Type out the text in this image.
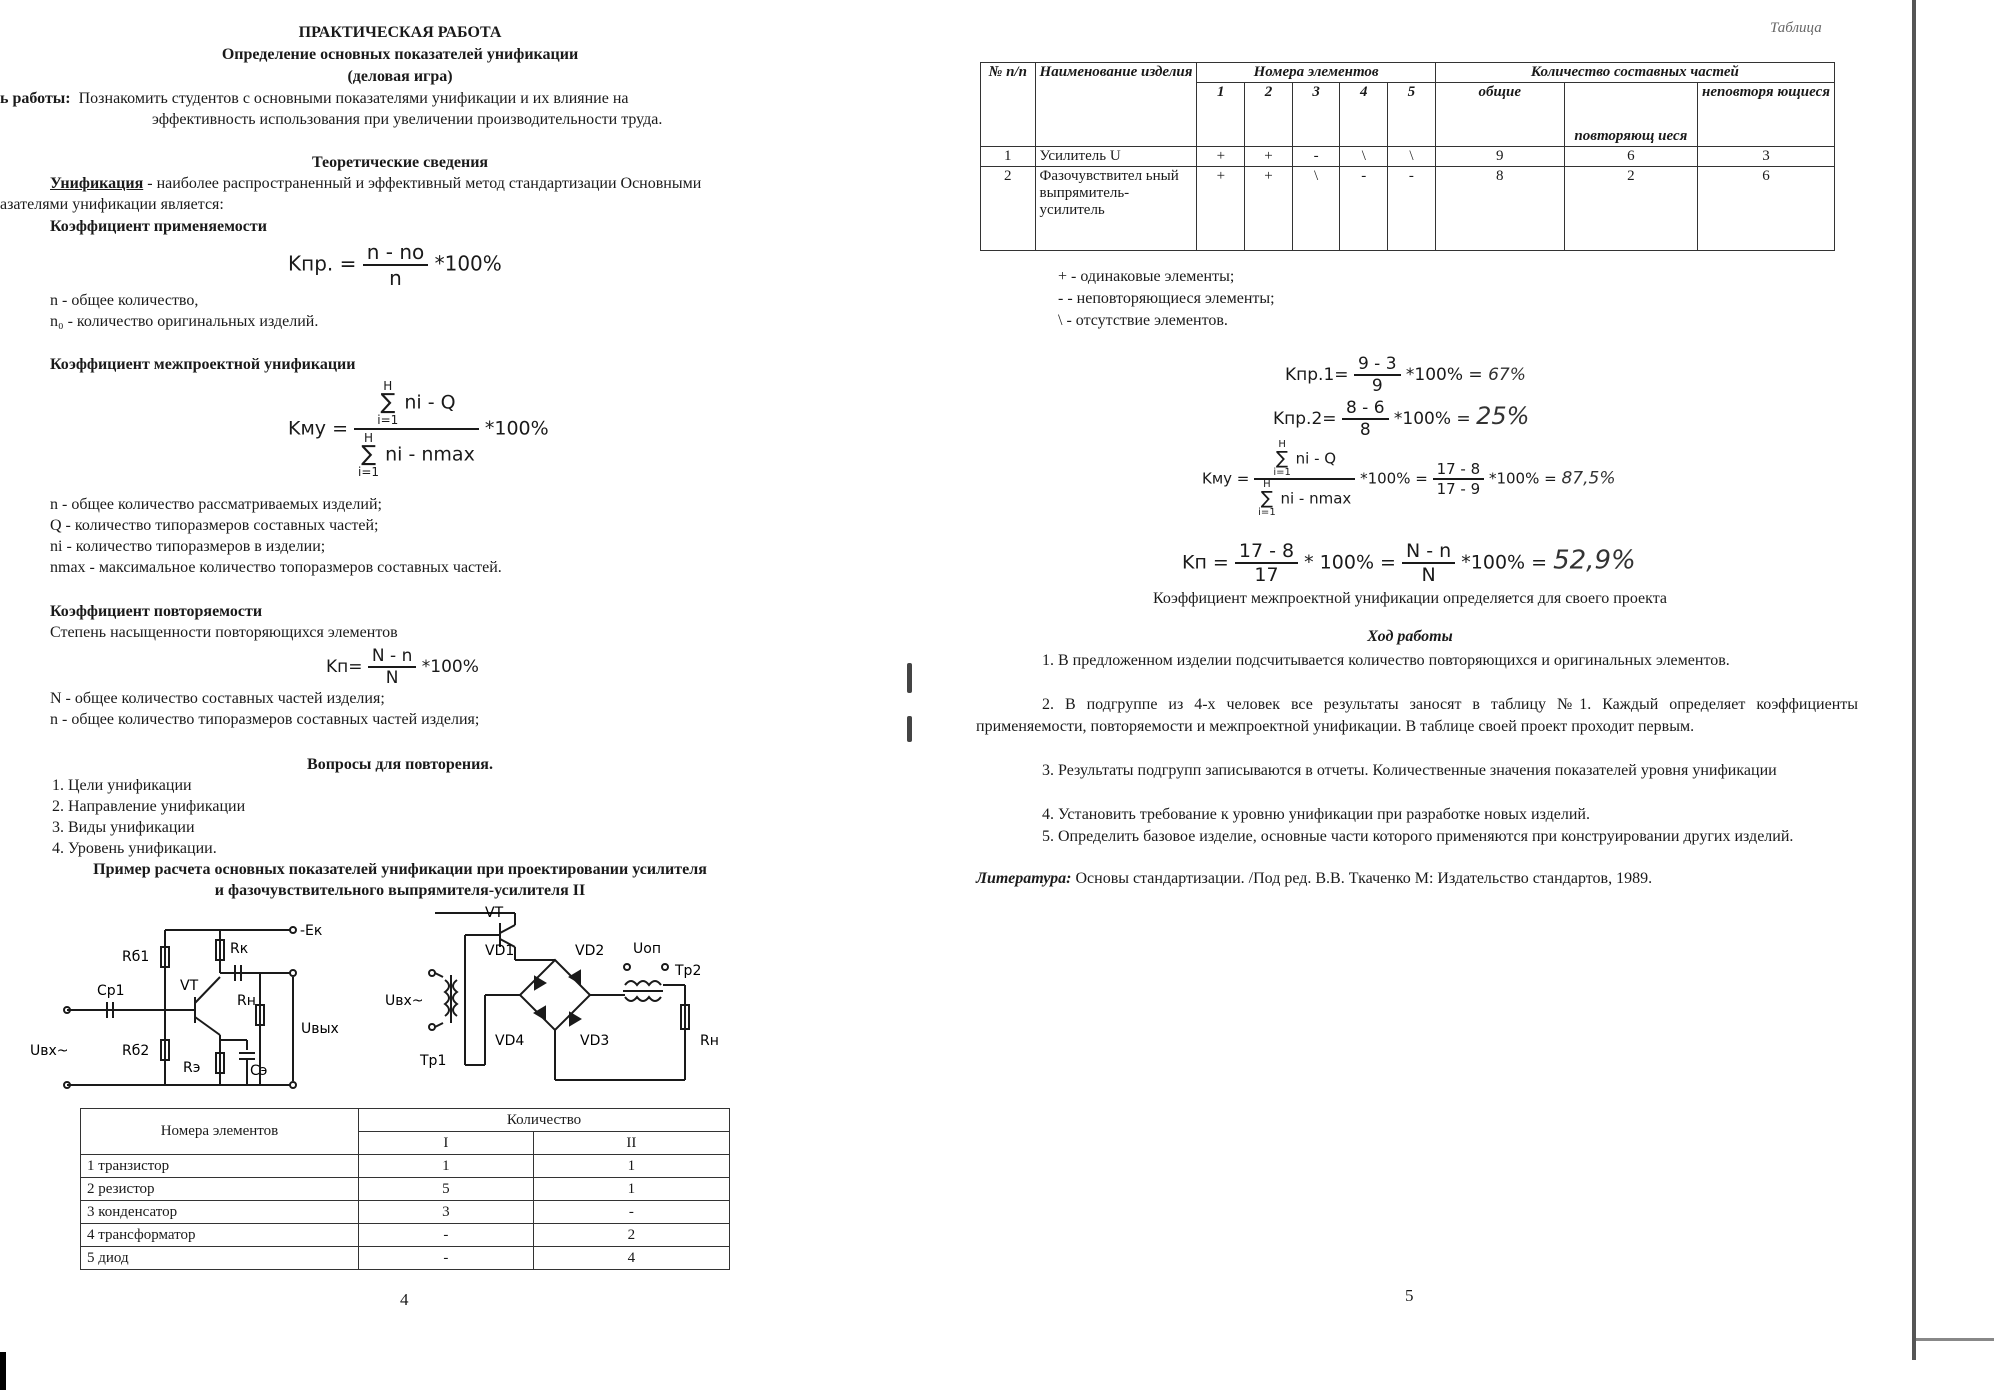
ПРАКТИЧЕСКАЯ РАБОТА
Определение основных показателей унификации
(деловая игра)
ь работы: Познакомить студентов с основными показателями унификации и их влияние на
эффективность использования при увеличении производительности труда.
Теоретические сведения
Унификация - наиболее распространенный и эффективный метод стандартизации Основными
азателями унификации является:
Коэффициент применяемости
Kпр. = $\frac{n - no}{n} *100\%$
n - общее количество,
n₀ - количество оригинальных изделий.
Коэффициент межпроектной унификации
Kму =
H
∑
i=1 ni - Q
H
∑
i=1 ni - nmax
*100%
n - общее количество рассматриваемых изделий;
Q - количество типоразмеров составных частей;
ni - количество типоразмеров в изделии;
nmax - максимальное количество топоразмеров составных частей.
Коэффициент повторяемости
Степень насыщенности повторяющихся элементов
$Kп= \frac{N - n}{N} *100\%$
N - общее количество составных частей изделия;
n - общее количество типоразмеров составных частей изделия;
Вопросы для повторения.
1. Цели унификации
2. Направление унификации
3. Виды унификации
4. Уровень унификации.
Пример расчета основных показателей унификации при проектировании усилителя
и фазочувствительного выпрямителя-усилителя II
Rб1	Rк
-Eк
Cp1	VT
Rн
Uвых
Uвх~	Rб2
Rэ	Cэ
Uвх~
VT
VD1	VD2 Uоп
Tp2
VD4	VD3	Rн
Tp1
Номера элементов	Количество	
	I	II
1 транзистор	1	1
2 резистор	5	1
3 конденсатор	3	-
4 трансформатор	-	2
5 диод	-	4
4
Таблица
№ п/п	Наименование изделия	Номера элементов					Количество составных частей		
		1	2	3	4	5	общие	повторяющ иеся	неповторя ющиеся
1	Усилитель U	+	+	-	\	\	9	6	3
2	Фазочувствител ьный выпрямитель-усилитель	+	+	\	-	-	8	2	6
+ - одинаковые элементы;
- - неповторяющиеся элементы;
\ - отсутствие элементов.
$Kпр.1= \frac{9 - 3}{9} *100\% = 67\%$
$Kпр.2= \frac{8 - 6}{8} *100\% = 25\%$
Kму =
H
∑
i=1 ni - Q
H
∑
i=1 ni - nmax
$*100\% = \frac{17 - 8}{17 - 9} *100\% = 87,5\%$
Kп = $\frac{17 - 8}{17} * 100\% = \frac{N - n}{N} *100\% = 52,9\%$
Коэффициент межпроектной унификации определяется для своего проекта
Ход работы
1. В предложенном изделии подсчитывается количество повторяющихся и оригинальных элементов.
2. В подгруппе из 4-х человек все результаты заносят в таблицу №1. Каждый определяет коэффициенты применяемости, повторяемости и межпроектной унификации. В таблице своей проект проходит первым.
3. Результаты подгрупп записываются в отчеты. Количественные значения показателей уровня унификации
4. Установить требование к уровню унификации при разработке новых изделий.
5. Определить базовое изделие, основные части которого применяются при конструировании других изделий.
Литература: Основы стандартизации. /Под ред. В.В. Ткаченко М: Издательство стандартов, 1989.
5
